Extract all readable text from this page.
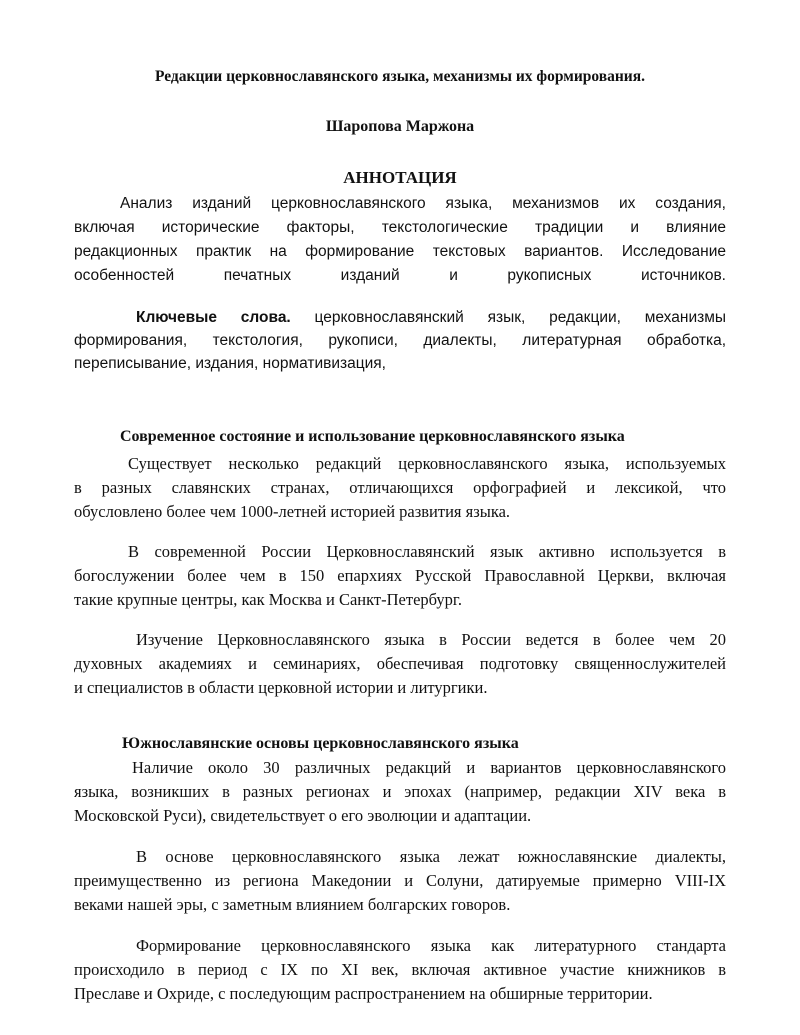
Редакции церковнославянского языка, механизмы их формирования.
Шаропова Маржона
АННОТАЦИЯ
Анализ изданий церковнославянского языка, механизмов их создания,
включая исторические факторы, текстологические традиции и влияние
редакционных практик на формирование текстовых вариантов. Исследование
особенностей печатных изданий и рукописных источников.
Ключевые слова. церковнославянский язык, редакции, механизмы
формирования, текстология, рукописи, диалекты, литературная обработка,
переписывание, издания, нормативизация,
Современное состояние и использование церковнославянского языка
Существует несколько редакций церковнославянского языка, используемых
в разных славянских странах, отличающихся орфографией и лексикой, что
обусловлено более чем 1000-летней историей развития языка.
В современной России Церковнославянский язык активно используется в
богослужении более чем в 150 епархиях Русской Православной Церкви, включая
такие крупные центры, как Москва и Санкт-Петербург.
Изучение Церковнославянского языка в России ведется в более чем 20
духовных академиях и семинариях, обеспечивая подготовку священнослужителей
и специалистов в области церковной истории и литургики.
Южнославянские основы церковнославянского языка
Наличие около 30 различных редакций и вариантов церковнославянского
языка, возникших в разных регионах и эпохах (например, редакции XIV века в
Московской Руси), свидетельствует о его эволюции и адаптации.
В основе церковнославянского языка лежат южнославянские диалекты,
преимущественно из региона Македонии и Солуни, датируемые примерно VIII-IX
веками нашей эры, с заметным влиянием болгарских говоров.
Формирование церковнославянского языка как литературного стандарта
происходило в период с IX по XI век, включая активное участие книжников в
Преславе и Охриде, с последующим распространением на обширные территории.
